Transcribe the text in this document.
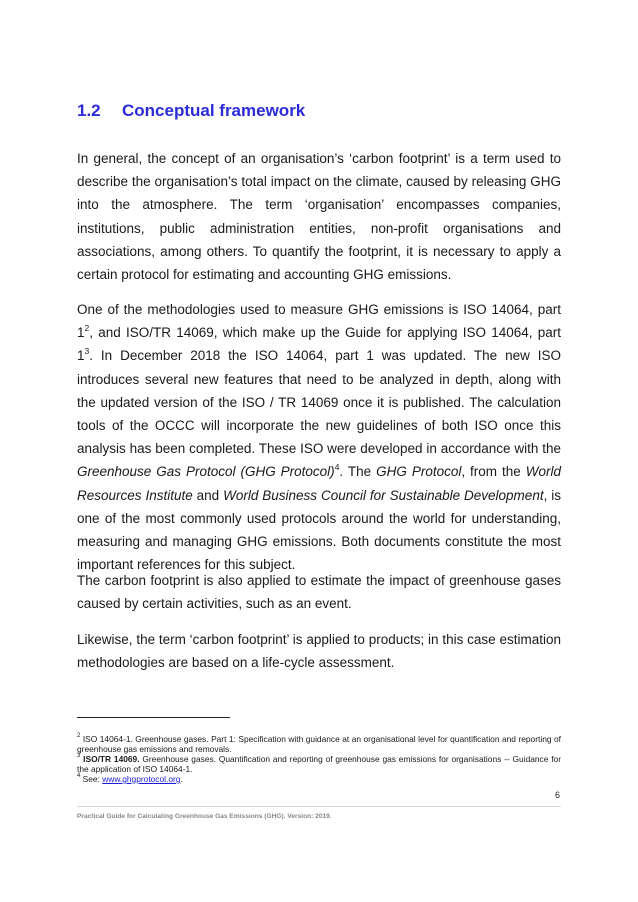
1.2 Conceptual framework

In general, the concept of an organisation’s ‘carbon footprint’ is a term used to describe the organisation’s total impact on the climate, caused by releasing GHG into the atmosphere. The term ‘organisation’ encompasses companies, institutions, public administration entities, non-profit organisations and associations, among others. To quantify the footprint, it is necessary to apply a certain protocol for estimating and accounting GHG emissions.

One of the methodologies used to measure GHG emissions is ISO 14064, part $1^2$, and ISO/TR 14069, which make up the Guide for applying ISO 14064, part $1^3$. In December 2018 the ISO 14064, part 1 was updated. The new ISO introduces several new features that need to be analyzed in depth, along with the updated version of the ISO / TR 14069 once it is published. The calculation tools of the OCCC will incorporate the new guidelines of both ISO once this analysis has been completed. These ISO were developed in accordance with the Greenhouse Gas Protocol (GHG Protocol)$^4$. The GHG Protocol, from the World Resources Institute and World Business Council for Sustainable Development, is one of the most commonly used protocols around the world for understanding, measuring and managing GHG emissions. Both documents constitute the most important references for this subject.

The carbon footprint is also applied to estimate the impact of greenhouse gases caused by certain activities, such as an event.

Likewise, the term ‘carbon footprint’ is applied to products; in this case estimation methodologies are based on a life-cycle assessment.

$^2$ ISO 14064-1. Greenhouse gases. Part 1: Specification with guidance at an organisational level for quantification and reporting of greenhouse gas emissions and removals.

$^3$ ISO/TR 14069. Greenhouse gases. Quantification and reporting of greenhouse gas emissions for organisations -- Guidance for the application of ISO 14064-1.

$^4$ See: www.ghgprotocol.org.

6
Practical Guide for Calculating Greenhouse Gas Emissions (GHG). Version: 2019.
